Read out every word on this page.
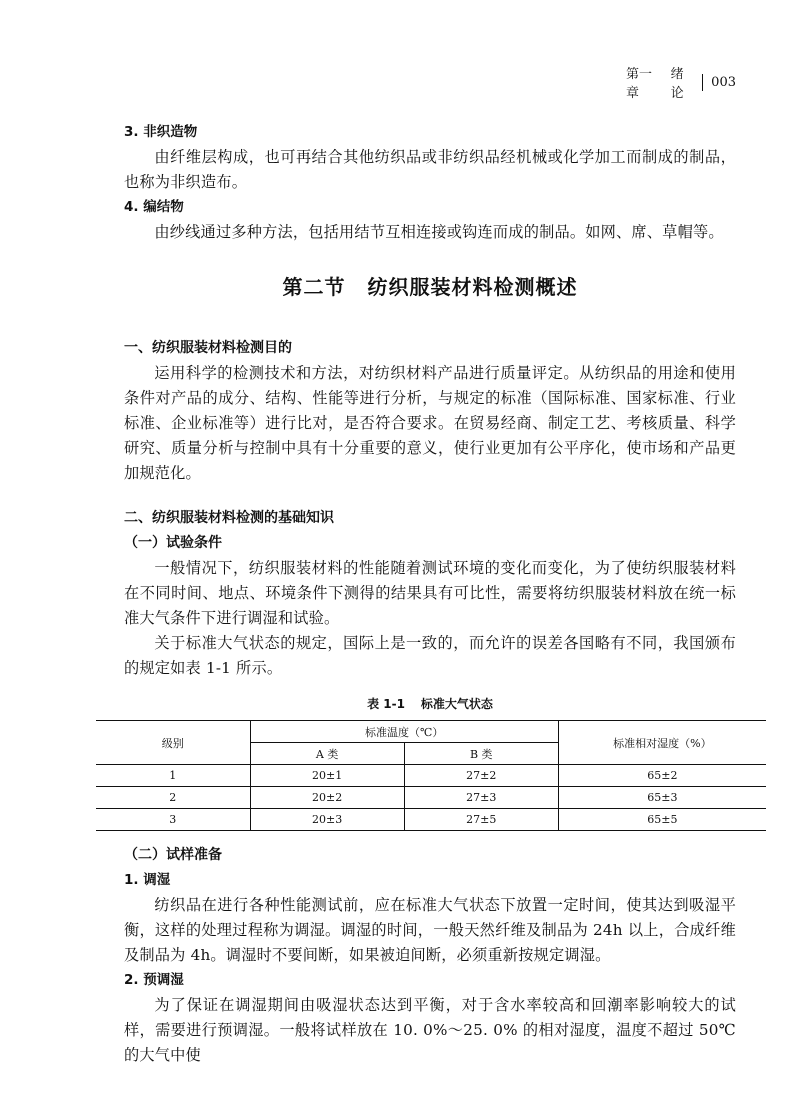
第一章
绪论
003

3. 非织造物

由纤维层构成，也可再结合其他纺织品或非纺织品经机械或化学加工而制成的制品，也称为非织造布。

4. 编结物

由纱线通过多种方法，包括用结节互相连接或钩连而成的制品。如网、席、草帽等。

第二节 纺织服装材料检测概述

一、纺织服装材料检测目的

运用科学的检测技术和方法，对纺织材料产品进行质量评定。从纺织品的用途和使用条件对产品的成分、结构、性能等进行分析，与规定的标准（国际标准、国家标准、行业标准、企业标准等）进行比对，是否符合要求。在贸易经商、制定工艺、考核质量、科学研究、质量分析与控制中具有十分重要的意义，使行业更加有公平序化，使市场和产品更加规范化。

二、纺织服装材料检测的基础知识

（一）试验条件

一般情况下，纺织服装材料的性能随着测试环境的变化而变化，为了使纺织服装材料在不同时间、地点、环境条件下测得的结果具有可比性，需要将纺织服装材料放在统一标准大气条件下进行调湿和试验。

关于标准大气状态的规定，国际上是一致的，而允许的误差各国略有不同，我国颁布的规定如表 1-1 所示。

表 1-1 标准大气状态
级别	标准温度（℃）		标准相对湿度（%）
	A 类	B 类	
1	20±1	27±2	65±2
2	20±2	27±3	65±3
3	20±3	27±5	65±5

（二）试样准备

1. 调湿

纺织品在进行各种性能测试前，应在标准大气状态下放置一定时间，使其达到吸湿平衡，这样的处理过程称为调湿。调湿的时间，一般天然纤维及制品为 24h 以上，合成纤维及制品为 4h。调湿时不要间断，如果被迫间断，必须重新按规定调湿。

2. 预调湿

为了保证在调湿期间由吸湿状态达到平衡，对于含水率较高和回潮率影响较大的试样，需要进行预调湿。一般将试样放在 10. 0%～25. 0% 的相对湿度，温度不超过 50℃ 的大气中使
